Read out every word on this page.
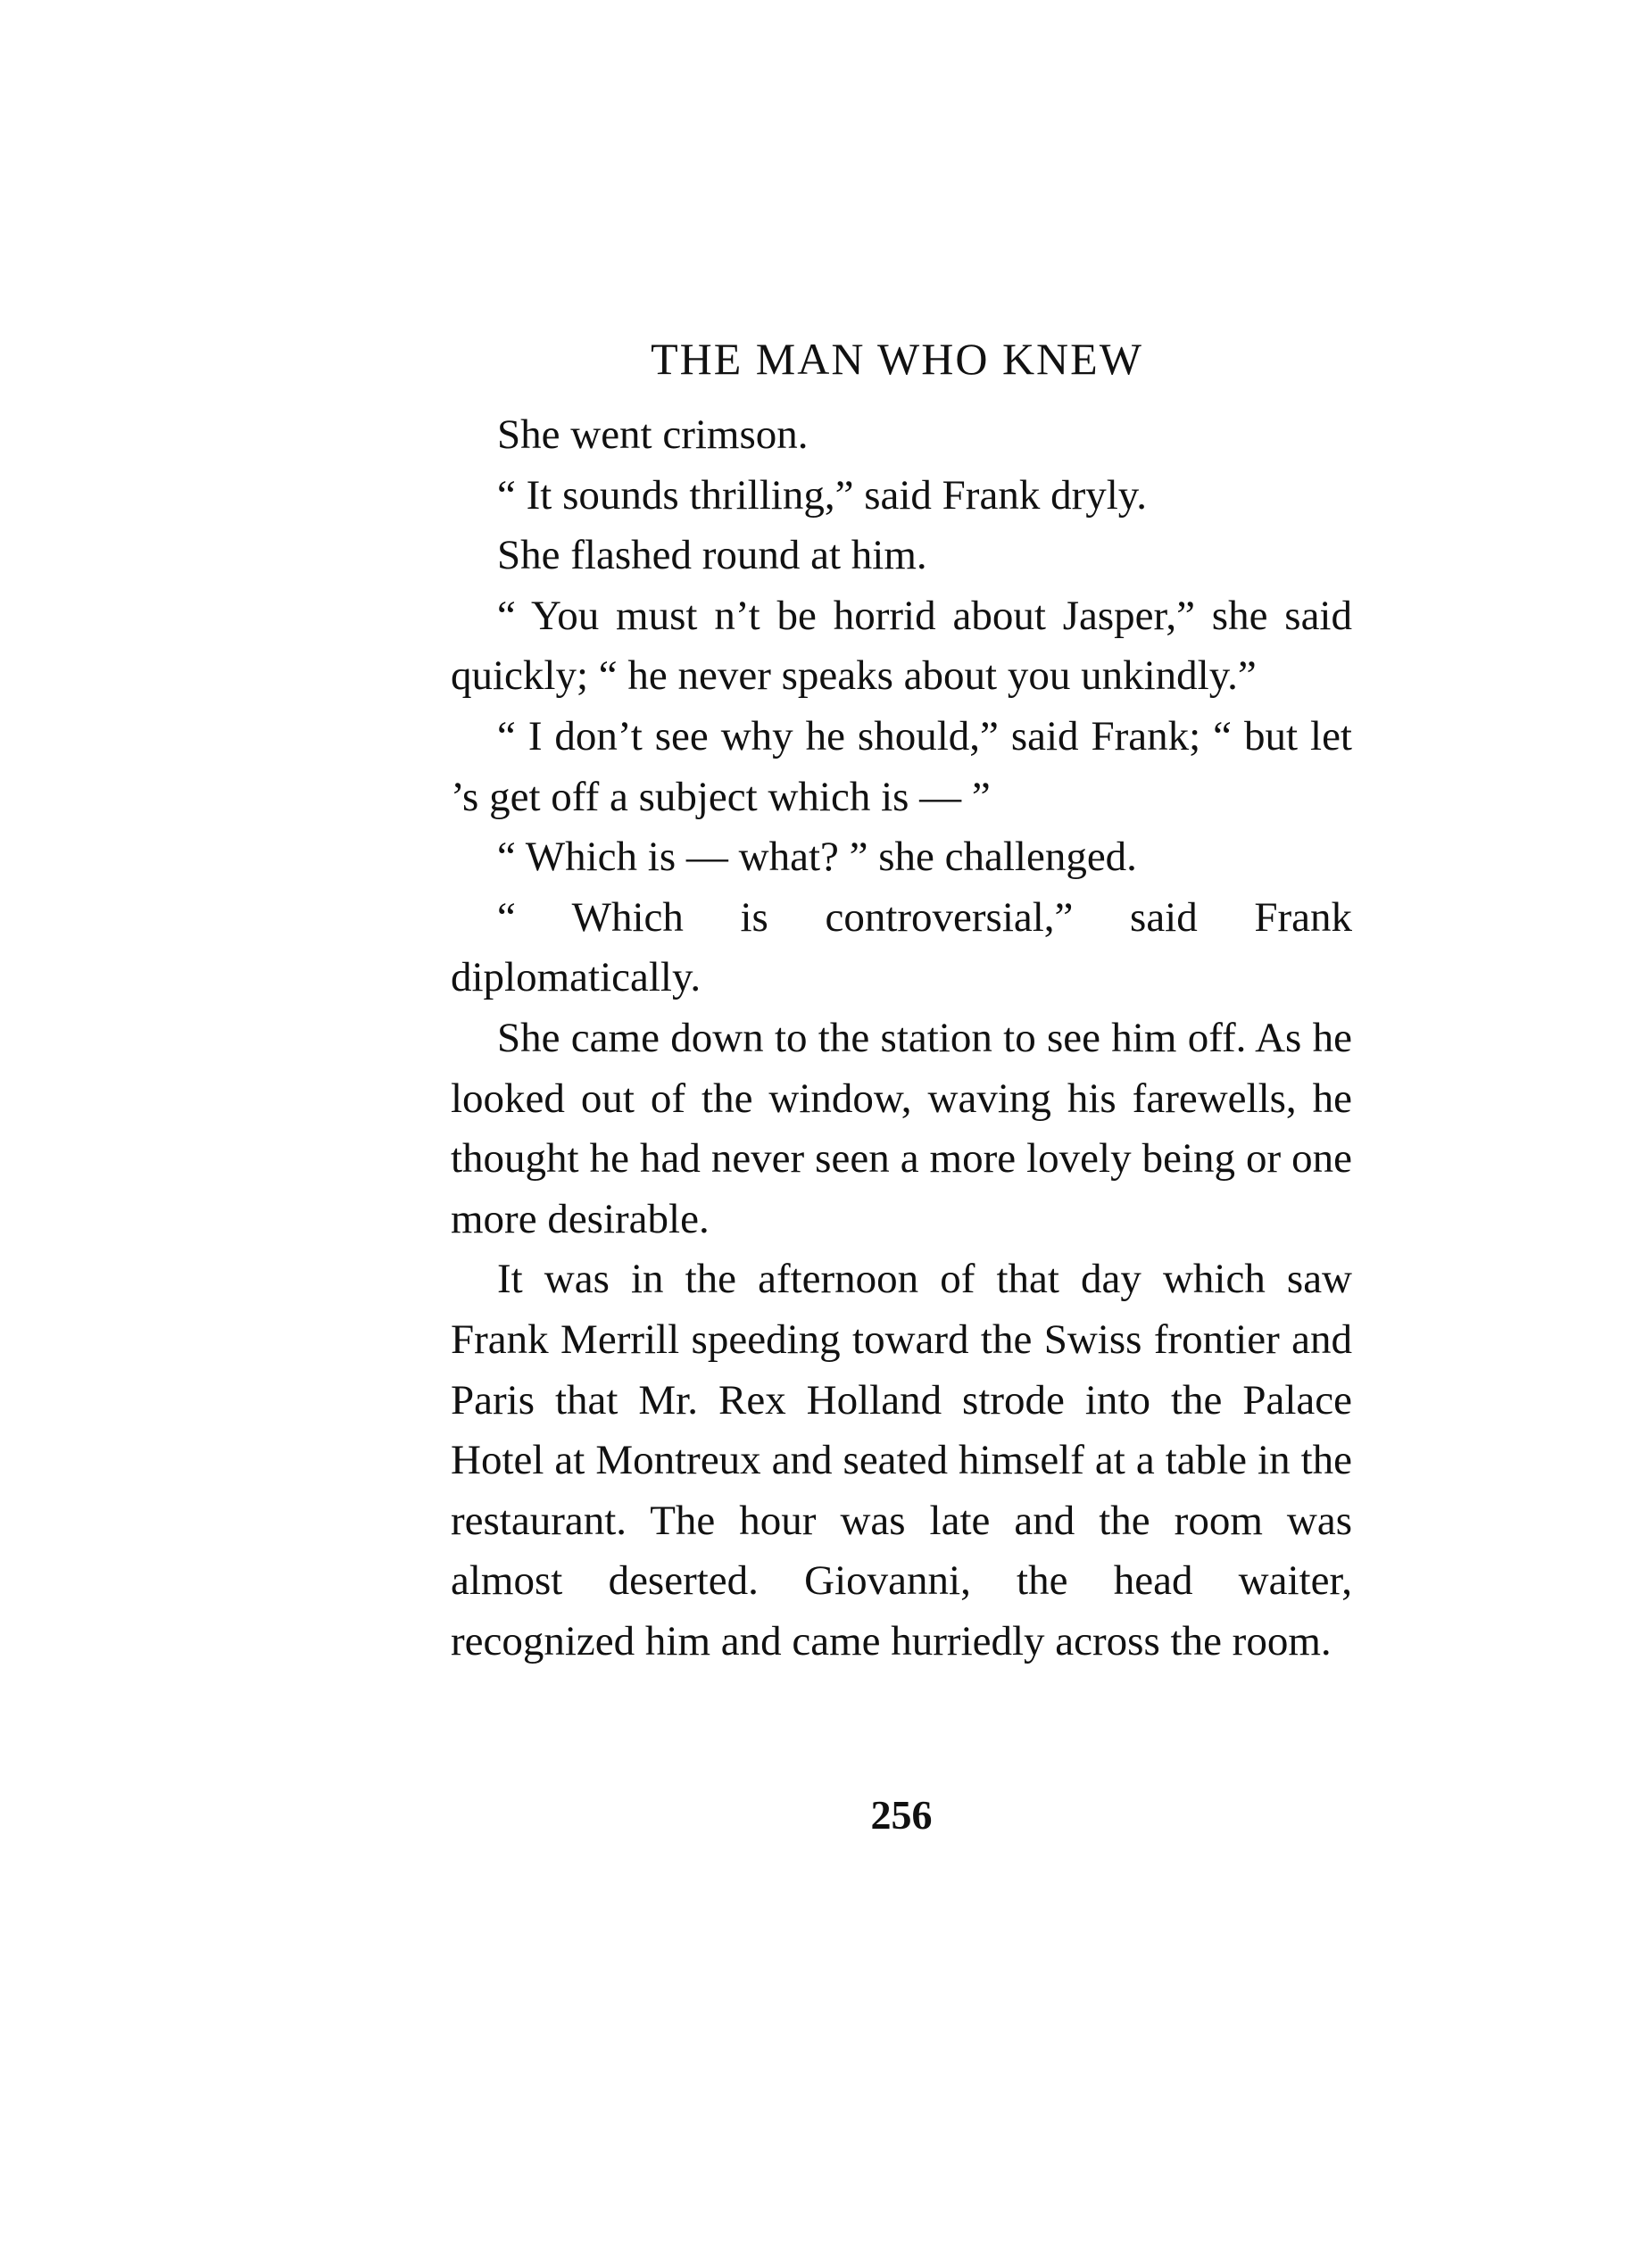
THE MAN WHO KNEW

She went crimson.

“ It sounds thrilling,” said Frank dryly.

She flashed round at him.

“ You must n’t be horrid about Jasper,” she said quickly; “ he never speaks about you unkindly.”

“ I don’t see why he should,” said Frank; “ but let ’s get off a subject which is — ”

“ Which is — what? ” she challenged.

“ Which is controversial,” said Frank diplomatically.

She came down to the station to see him off. As he looked out of the window, waving his farewells, he thought he had never seen a more lovely being or one more desirable.

It was in the afternoon of that day which saw Frank Merrill speeding toward the Swiss frontier and Paris that Mr. Rex Holland strode into the Palace Hotel at Montreux and seated himself at a table in the restaurant. The hour was late and the room was almost deserted. Giovanni, the head waiter, recognized him and came hurriedly across the room.

256
